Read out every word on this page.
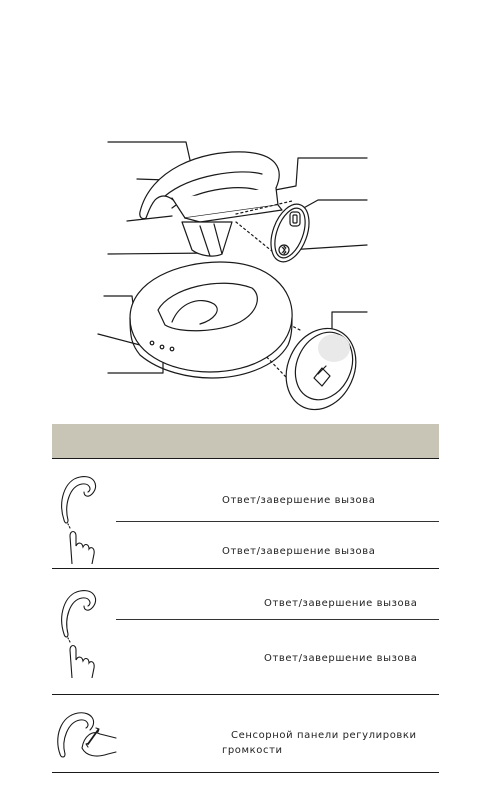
Ответ/завершение вызова
Ответ/завершение вызова
Ответ/завершение вызова
Ответ/завершение вызова
Сенсорной панели регулировки
громкости
